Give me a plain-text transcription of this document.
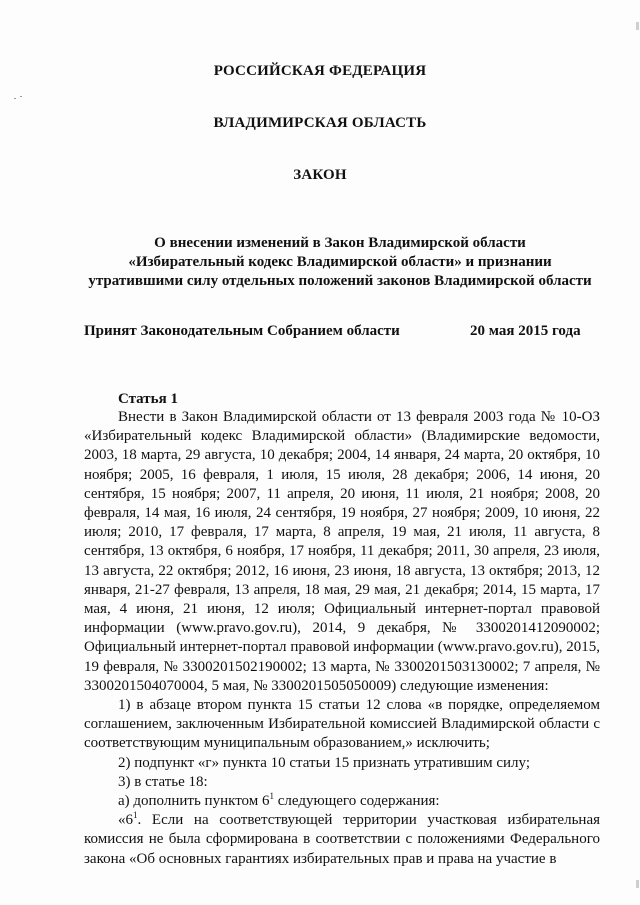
РОССИЙСКАЯ ФЕДЕРАЦИЯ
ВЛАДИМИРСКАЯ ОБЛАСТЬ
ЗАКОН
О внесении изменений в Закон Владимирской области
«Избирательный кодекс Владимирской области» и признании
утратившими силу отдельных положений законов Владимирской области
Принят Законодательным Собранием области	20 мая 2015 года
Статья 1

Внести в Закон Владимирской области от 13 февраля 2003 года № 10-ОЗ «Избирательный кодекс Владимирской области» (Владимирские ведомости, 2003, 18 марта, 29 августа, 10 декабря; 2004, 14 января, 24 марта, 20 октября, 10 ноября; 2005, 16 февраля, 1 июля, 15 июля, 28 декабря; 2006, 14 июня, 20 сентября, 15 ноября; 2007, 11 апреля, 20 июня, 11 июля, 21 ноября; 2008, 20 февраля, 14 мая, 16 июля, 24 сентября, 19 ноября, 27 ноября; 2009, 10 июня, 22 июля; 2010, 17 февраля, 17 марта, 8 апреля, 19 мая, 21 июля, 11 августа, 8 сентября, 13 октября, 6 ноября, 17 ноября, 11 декабря; 2011, 30 апреля, 23 июля, 13 августа, 22 октября; 2012, 16 июня, 23 июня, 18 августа, 13 октября; 2013, 12 января, 21-27 февраля, 13 апреля, 18 мая, 29 мая, 21 декабря; 2014, 15 марта, 17 мая, 4 июня, 21 июня, 12 июля; Официальный интернет-портал правовой информации (www.pravo.gov.ru), 2014, 9 декабря, № 3300201412090002; Официальный интернет-портал правовой информации (www.pravo.gov.ru), 2015, 19 февраля, № 3300201502190002; 13 марта, № 3300201503130002; 7 апреля, № 3300201504070004, 5 мая, № 3300201505050009) следующие изменения:

1) в абзаце втором пункта 15 статьи 12 слова «в порядке, определяемом соглашением, заключенным Избирательной комиссией Владимирской области с соответствующим муниципальным образованием,» исключить;

2) подпункт «г» пункта 10 статьи 15 признать утратившим силу;

3) в статье 18:

а) дополнить пунктом $6^1$ следующего содержания:

«$6^1$. Если на соответствующей территории участковая избирательная комиссия не была сформирована в соответствии с положениями Федерального закона «Об основных гарантиях избирательных прав и права на участие в
